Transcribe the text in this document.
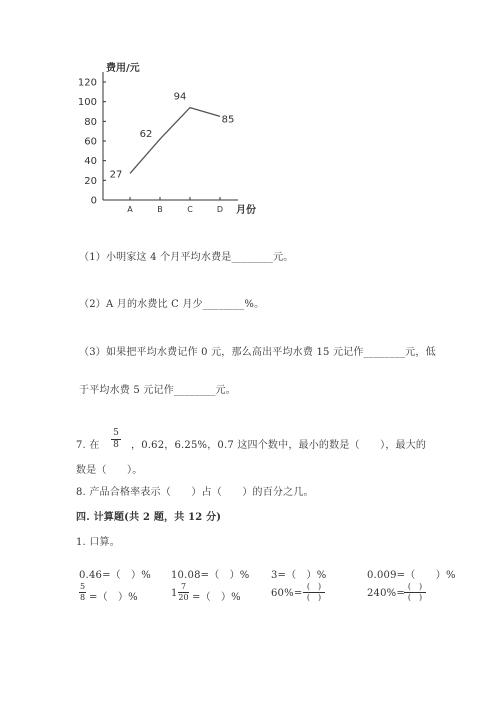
0
20
40
60
80
100
120
A	B	C	D
27
62
94
85
费用/元
月份
（1）小明家这 4 个月平均水费是________元。
（2）A 月的水费比 C 月少________%。
（3）如果把平均水费记作 0 元，那么高出平均水费 15 元记作________元，低
于平均水费 5 元记作________元。
7. 在
5
8 ，0.62，6.25%，0.7 这四个数中，最小的数是（　　），最大的
数是（　　）。
8. 产品合格率表示（　　）占（　　）的百分之几。
四. 计算题(共 2 题，共 12 分)
1. 口算。
0.46=（　）% 10.08=（　）% 3=（　）%	0.009=（　　）%
5
8 =（　）%	1
7
20 =（　）%	60%=
(　)
(　)	240%=
(　)
(　)
